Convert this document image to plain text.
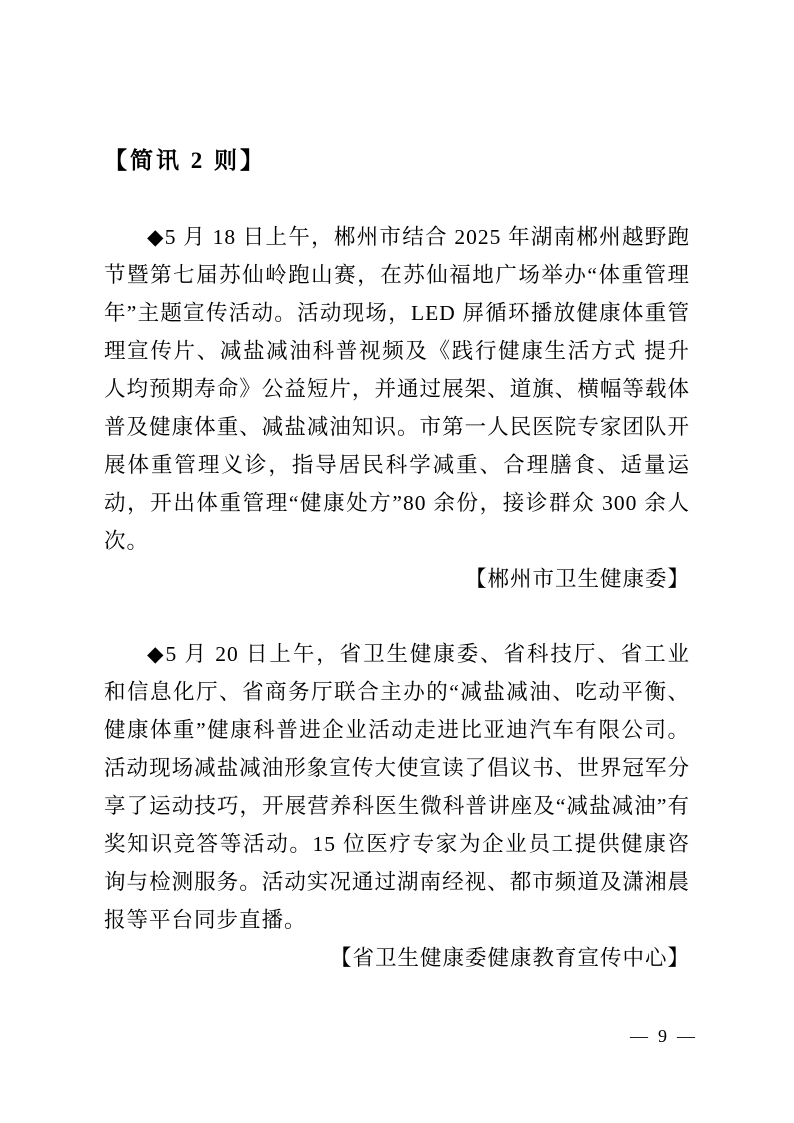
【简讯 2 则】

◆5 月 18 日上午，郴州市结合 2025 年湖南郴州越野跑节暨第七届苏仙岭跑山赛，在苏仙福地广场举办“体重管理年”主题宣传活动。活动现场，LED 屏循环播放健康体重管理宣传片、减盐减油科普视频及《践行健康生活方式 提升人均预期寿命》公益短片，并通过展架、道旗、横幅等载体普及健康体重、减盐减油知识。市第一人民医院专家团队开展体重管理义诊，指导居民科学减重、合理膳食、适量运动，开出体重管理“健康处方”80 余份，接诊群众 300 余人次。

【郴州市卫生健康委】

◆5 月 20 日上午，省卫生健康委、省科技厅、省工业和信息化厅、省商务厅联合主办的“减盐减油、吃动平衡、健康体重”健康科普进企业活动走进比亚迪汽车有限公司。活动现场减盐减油形象宣传大使宣读了倡议书、世界冠军分享了运动技巧，开展营养科医生微科普讲座及“减盐减油”有奖知识竞答等活动。15 位医疗专家为企业员工提供健康咨询与检测服务。活动实况通过湖南经视、都市频道及潇湘晨报等平台同步直播。

【省卫生健康委健康教育宣传中心】

— 9 —
